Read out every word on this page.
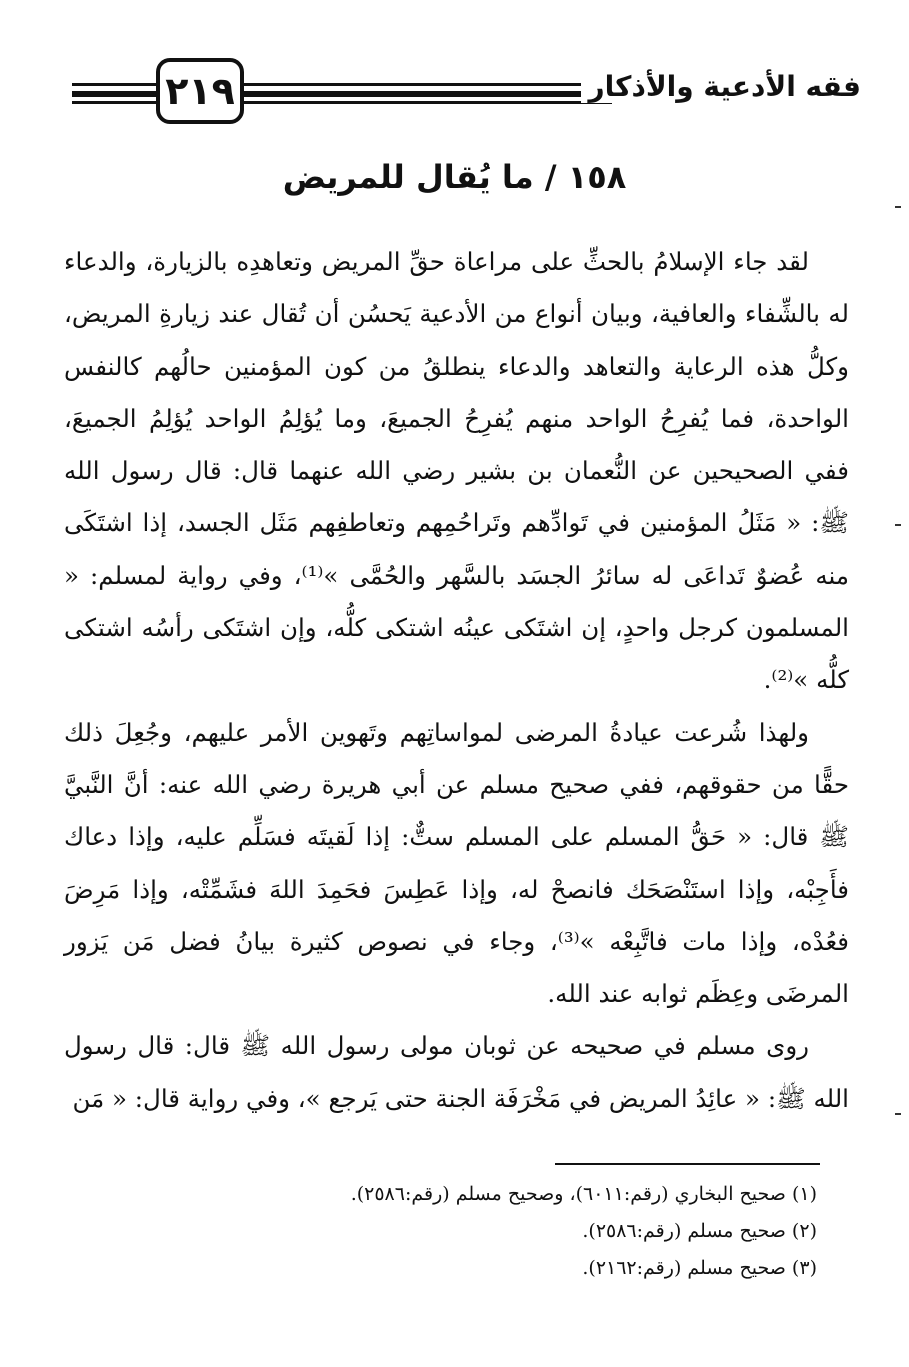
٢١٩	فقه الأدعية والأذكار
١٥٨ / ما يُقال للمريض

لقد جاء الإسلامُ بالحثِّ على مراعاة حقِّ المريض وتعاهدِه بالزيارة، والدعاء له بالشِّفاء والعافية، وبيان أنواع من الأدعية يَحسُن أن تُقال عند زيارةِ المريض، وكلُّ هذه الرعاية والتعاهد والدعاء ينطلقُ من كون المؤمنين حالُهم كالنفس الواحدة، فما يُفرِحُ الواحد منهم يُفرِحُ الجميعَ، وما يُؤلِمُ الواحد يُؤلِمُ الجميعَ، ففي الصحيحين عن النُّعمان بن بشير رضي الله عنهما قال: قال رسول الله ﷺ: « مَثَلُ المؤمنين في تَوادِّهم وتَراحُمِهم وتعاطفِهم مَثَل الجسد، إذا اشتَكَى منه عُضوٌ تَداعَى له سائرُ الجسَد بالسَّهر والحُمَّى »⁽¹⁾، وفي رواية لمسلم: « المسلمون كرجل واحدٍ، إن اشتَكى عينُه اشتكى كلُّه، وإن اشتَكى رأسُه اشتكى كلُّه »⁽²⁾.

ولهذا شُرعت عيادةُ المرضى لمواساتِهم وتَهوين الأمر عليهم، وجُعِلَ ذلك حقًّا من حقوقهم، ففي صحيح مسلم عن أبي هريرة رضي الله عنه: أنَّ النَّبيَّ ﷺ قال: « حَقُّ المسلم على المسلم ستٌّ: إذا لَقيتَه فسَلِّم عليه، وإذا دعاك فأَجِبْه، وإذا استَنْصَحَك فانصحْ له، وإذا عَطِسَ فحَمِدَ اللهَ فشَمِّتْه، وإذا مَرِضَ فعُدْه، وإذا مات فاتَّبِعْه »⁽³⁾، وجاء في نصوص كثيرة بيانُ فضل مَن يَزور المرضَى وعِظَم ثوابه عند الله.

روى مسلم في صحيحه عن ثوبان مولى رسول الله ﷺ قال: قال رسول الله ﷺ: « عائِدُ المريض في مَخْرَفَة الجنة حتى يَرجع »، وفي رواية قال: « مَن

(١) صحيح البخاري (رقم:٦٠١١)، وصحيح مسلم (رقم:٢٥٨٦).
(٢) صحيح مسلم (رقم:٢٥٨٦).
(٣) صحيح مسلم (رقم:٢١٦٢).
